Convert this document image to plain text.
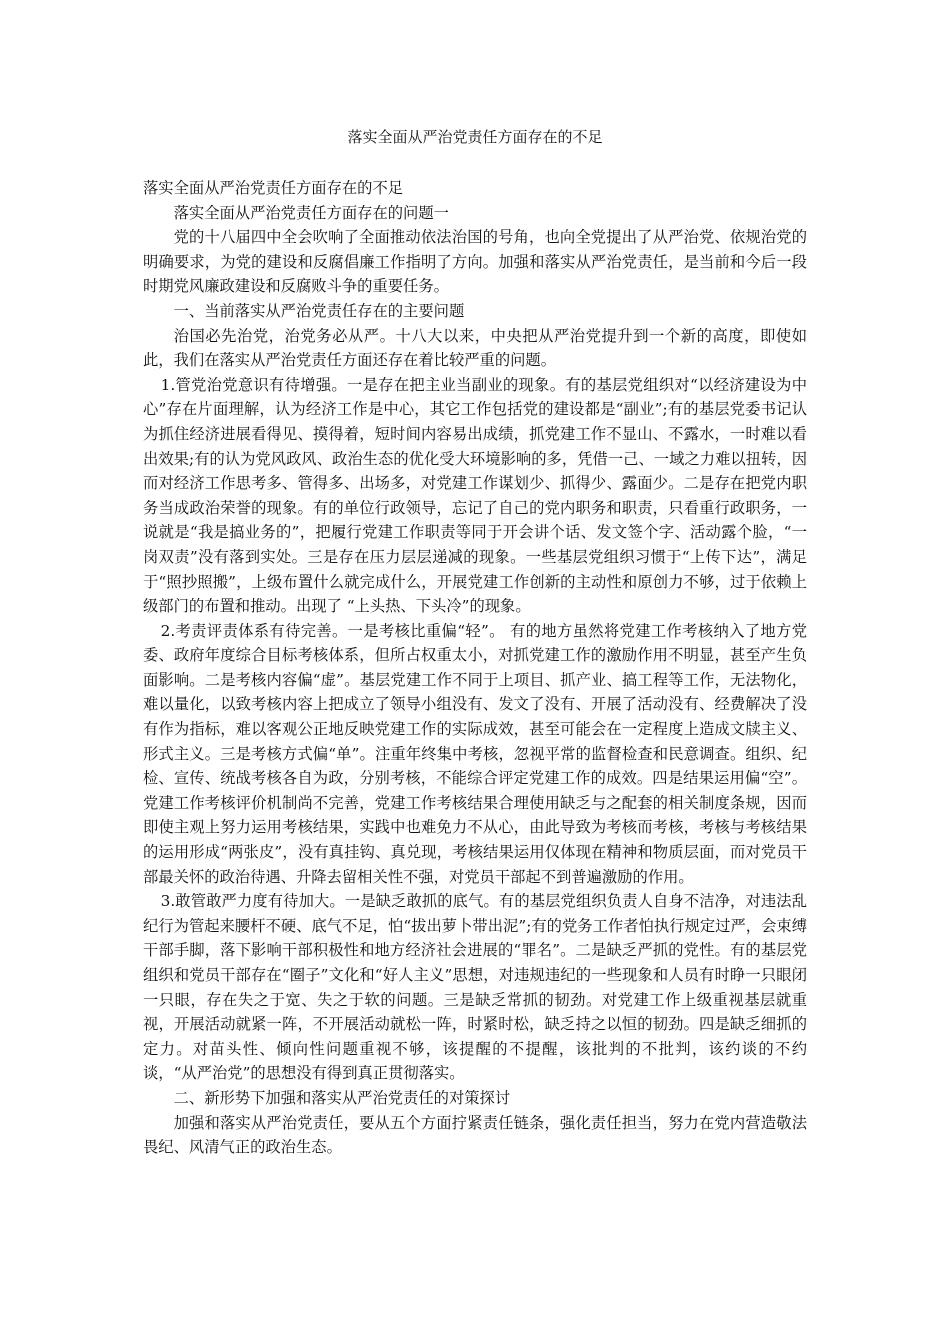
落实全面从严治党责任方面存在的不足

落实全面从严治党责任方面存在的不足

落实全面从严治党责任方面存在的问题一

党的十八届四中全会吹响了全面推动依法治国的号角，也向全党提出了从严治党、依规治党的明确要求，为党的建设和反腐倡廉工作指明了方向。加强和落实从严治党责任，是当前和今后一段时期党风廉政建设和反腐败斗争的重要任务。

一、当前落实从严治党责任存在的主要问题

治国必先治党，治党务必从严。十八大以来，中央把从严治党提升到一个新的高度，即使如此，我们在落实从严治党责任方面还存在着比较严重的问题。

1.管党治党意识有待增强。一是存在把主业当副业的现象。有的基层党组织对“以经济建设为中心”存在片面理解，认为经济工作是中心，其它工作包括党的建设都是“副业”;有的基层党委书记认为抓住经济进展看得见、摸得着，短时间内容易出成绩，抓党建工作不显山、不露水，一时难以看出效果;有的认为党风政风、政治生态的优化受大环境影响的多，凭借一己、一域之力难以扭转，因而对经济工作思考多、管得多、出场多，对党建工作谋划少、抓得少、露面少。二是存在把党内职务当成政治荣誉的现象。有的单位行政领导，忘记了自己的党内职务和职责，只看重行政职务，一说就是“我是搞业务的”，把履行党建工作职责等同于开会讲个话、发文签个字、活动露个脸，“一岗双责”没有落到实处。三是存在压力层层递减的现象。一些基层党组织习惯于“上传下达”，满足于“照抄照搬”，上级布置什么就完成什么，开展党建工作创新的主动性和原创力不够，过于依赖上级部门的布置和推动。出现了 “上头热、下头冷”的现象。

2.考责评责体系有待完善。一是考核比重偏“轻”。 有的地方虽然将党建工作考核纳入了地方党委、政府年度综合目标考核体系，但所占权重太小，对抓党建工作的激励作用不明显，甚至产生负面影响。二是考核内容偏“虚”。基层党建工作不同于上项目、抓产业、搞工程等工作，无法物化，难以量化，以致考核内容上把成立了领导小组没有、发文了没有、开展了活动没有、经费解决了没有作为指标，难以客观公正地反映党建工作的实际成效，甚至可能会在一定程度上造成文牍主义、形式主义。三是考核方式偏“单”。注重年终集中考核，忽视平常的监督检查和民意调查。组织、纪检、宣传、统战考核各自为政，分别考核，不能综合评定党建工作的成效。四是结果运用偏“空”。党建工作考核评价机制尚不完善，党建工作考核结果合理使用缺乏与之配套的相关制度条规，因而即使主观上努力运用考核结果，实践中也难免力不从心，由此导致为考核而考核，考核与考核结果的运用形成“两张皮”，没有真挂钩、真兑现，考核结果运用仅体现在精神和物质层面，而对党员干部最关怀的政治待遇、升降去留相关性不强，对党员干部起不到普遍激励的作用。

3.敢管敢严力度有待加大。一是缺乏敢抓的底气。有的基层党组织负责人自身不洁净，对违法乱纪行为管起来腰杆不硬、底气不足，怕“拔出萝卜带出泥”;有的党务工作者怕执行规定过严，会束缚干部手脚，落下影响干部积极性和地方经济社会进展的“罪名”。二是缺乏严抓的党性。有的基层党组织和党员干部存在“圈子”文化和“好人主义”思想，对违规违纪的一些现象和人员有时睁一只眼闭一只眼，存在失之于宽、失之于软的问题。三是缺乏常抓的韧劲。对党建工作上级重视基层就重视，开展活动就紧一阵，不开展活动就松一阵，时紧时松，缺乏持之以恒的韧劲。四是缺乏细抓的定力。对苗头性、倾向性问题重视不够，该提醒的不提醒，该批判的不批判，该约谈的不约谈，“从严治党”的思想没有得到真正贯彻落实。

二、新形势下加强和落实从严治党责任的对策探讨

加强和落实从严治党责任，要从五个方面拧紧责任链条，强化责任担当，努力在党内营造敬法畏纪、风清气正的政治生态。
